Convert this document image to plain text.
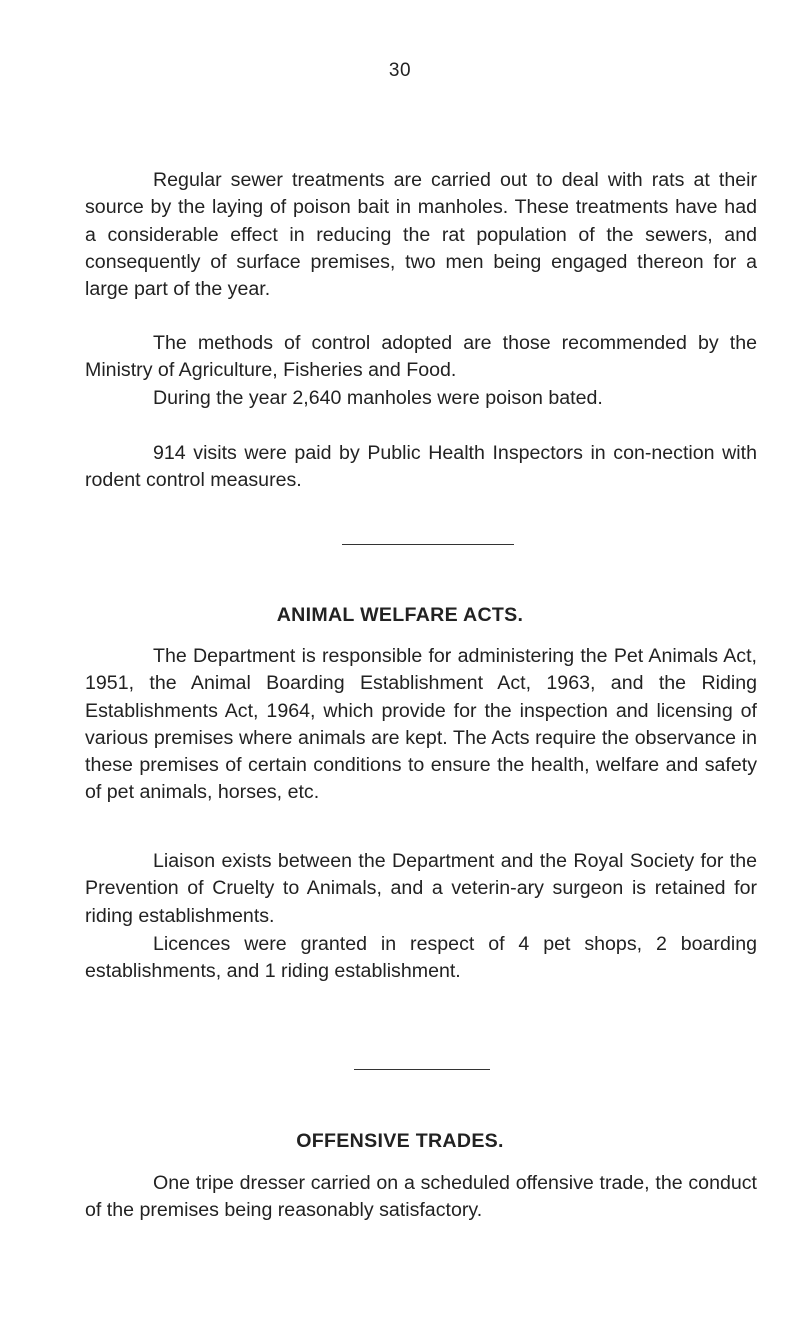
30

Regular sewer treatments are carried out to deal with rats at their source by the laying of poison bait in manholes. These treatments have had a considerable effect in reducing the rat population of the sewers, and consequently of surface premises, two men being engaged thereon for a large part of the year.

The methods of control adopted are those recommended by the Ministry of Agriculture, Fisheries and Food.

During the year 2,640 manholes were poison bated.

914 visits were paid by Public Health Inspectors in con-nection with rodent control measures.

ANIMAL WELFARE ACTS.

The Department is responsible for administering the Pet Animals Act, 1951, the Animal Boarding Establishment Act, 1963, and the Riding Establishments Act, 1964, which provide for the inspection and licensing of various premises where animals are kept. The Acts require the observance in these premises of certain conditions to ensure the health, welfare and safety of pet animals, horses, etc.

Liaison exists between the Department and the Royal Society for the Prevention of Cruelty to Animals, and a veterin-ary surgeon is retained for riding establishments.

Licences were granted in respect of 4 pet shops, 2 boarding establishments, and 1 riding establishment.

OFFENSIVE TRADES.

One tripe dresser carried on a scheduled offensive trade, the conduct of the premises being reasonably satisfactory.
